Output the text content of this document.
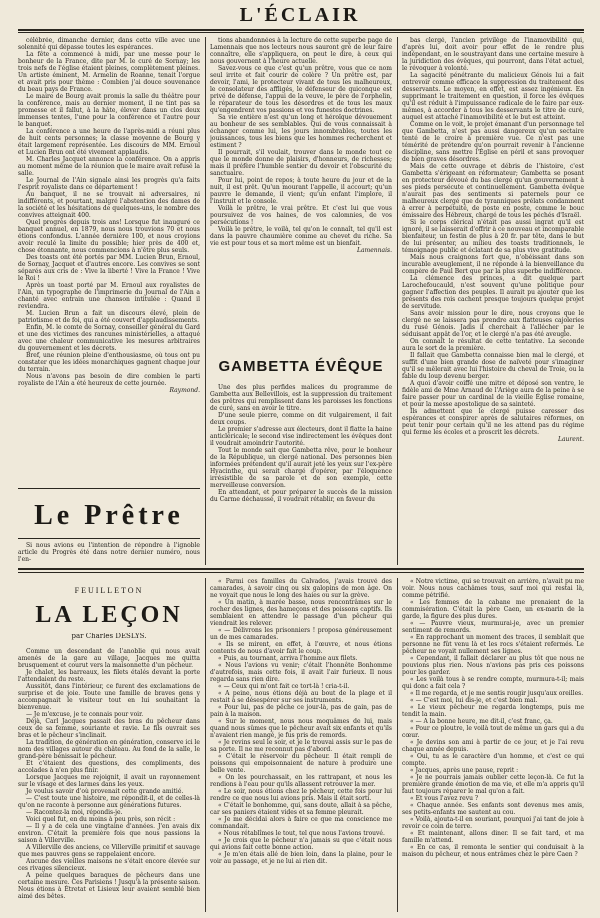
L'ÉCLAIR

célébrée, dimanche dernier, dans cette ville avec une solennité qui dépasse toutes les espérances.

La fête a commencé à midi, par une messe pour le bonheur de la France, dite par M. le curé de Sornay; les trois nefs de l'église étaient pleines, complètement pleines. Un artiste éminent, M. Armelin de Roanne, tenait l'orgue et avait pris pour thème : Combien j'ai douce souvenance du beau pays de France.

Le maire de Bourg avait promis la salle du théâtre pour la conférence, mais au dernier moment, il ne tint pas sa promesse et il fallut, à la hâte, élever dans un clos deux immenses tentes, l'une pour la conférence et l'autre pour le banquet.

La conférence a une heure de l'après-midi a réuni plus de huit cents personnes; la classe moyenne de Bourg y était largement représentée. Les discours de MM. Ernoul et Lucien Brun ont été vivement applaudis.

M. Charles Jacquet annonce la conférence. On a appris au moment même de la réunion que le maire avait refusé la salle.

Le Journal de l'Ain signale ainsi les progrès qu'a faits l'esprit royaliste dans ce département !

Au banquet, il ne se trouvait ni adversaires, ni indifférents, et pourtant, malgré l'abstention des dames de la société et les hésitations de quelques-uns, le nombre des convives atteignait 400.

Quel progrès depuis trois ans! Lorsque fut inauguré ce banquet annuel, en 1879, nous nous trouvions 70 et nous étions confondus. L'année dernière 100, et nous croyions avoir reculé la limite du possible; hier près de 400 et, chose étonnante, nous commencions à n'être plus seuls.

Des toasts ont été portés par MM. Lucien Brun, Ernoul, de Sornay, Jacquet et d'autres encore. Les convives se sont séparés aux cris de : Vive la liberté ! Vive la France ! Vive le Roi !

Après un toast porté par M. Ernoul aux royalistes de l'Ain, un typographe de l'imprimerie du Journal de l'Ain a chanté avec entrain une chanson intitulée : Quand il reviendra.

M. Lucien Brun a fait un discours élevé, plein de patriotisme et de foi, qui a été couvert d'applaudissements.

Enfin, M. le comte de Sornay, conseiller général du Gard et une des victimes des rancunes ministérielles, a attaqué avec une chaleur communicative les mesures arbitraires du gouvernement et les décrets.

Bref, une réunion pleine d'enthousiasme, où tous ont pu constater que les idées monarchiques gagnent chaque jour du terrain.

Nous n'avons pas besoin de dire combien le parti royaliste de l'Ain a été heureux de cette journée.

Raymond.

tions abandonnées à la lecture de cette superbe page de Lamennais que nos lecteurs nous sauront gré de leur faire connaître, elle s'appliquera, on peut le dire, à ceux qui nous gouvernent à l'heure actuelle.

Savez-vous ce que c'est qu'un prêtre, vous que ce nom seul irrite et fait courir de colère ? Un prêtre est, par devoir, l'ami, le protecteur vivant de tous les malheureux, le consolateur des affligés, le défenseur de quiconque est privé de défense, l'appui de la veuve, le père de l'orphelin, le réparateur de tous les désordres et de tous les maux qu'engendrent vos passions et vos funestes doctrines.

Sa vie entière n'est qu'un long et héroïque dévouement au bonheur de ses semblables. Qui de vous connaissait à échanger comme lui, les jours innombrables, toutes les jouissances, tous les biens que les hommes recherchent et estiment ?

Il pourrait, s'il voulait, trouver dans le monde tout ce que le monde donne de plaisirs, d'honneurs, de richesses; mais il préfère l'humble sentier du devoir et l'obscurité du sanctuaire.

Pour lui, point de repos; à toute heure du jour et de la nuit, il est prêt. Qu'un mourant l'appelle, il accourt; qu'un pauvre le demande, il vient; qu'un enfant l'implore, il l'instruit et le console.

Voilà le prêtre, le vrai prêtre. Et c'est lui que vous poursuivez de vos haines, de vos calomnies, de vos persécutions !

Voilà le prêtre, le voilà, tel qu'on le connaît, tel qu'il est dans la pauvre chaumière comme au chevet du riche. Sa vie est pour tous et sa mort même est un bienfait.

Lamennais.
GAMBETTA ÉVÊQUE

Une des plus perfides malices du programme de Gambetta aux Bellevillois, est la suppression du traitement des prêtres qui remplissent dans les paroisses les fonctions de curé, sans en avoir le titre.

D'une seule pierre, comme on dit vulgairement, il fait deux coups.

Le premier s'adresse aux électeurs, dont il flatte la haine anticléricale; le second vise indirectement les évêques dont il voudrait amoindrir l'autorité.

Tout le monde sait que Gambetta rêve, pour le bonheur de la République, un clergé national. Des personnes bien informées prétendent qu'il aurait jeté les yeux sur l'ex-père Hyacinthe, qui serait chargé d'opérer, par l'éloquence irrésistible de sa parole et de son exemple, cette merveilleuse conversion.

En attendant, et pour préparer le succès de la mission du Carme déchaussé, il voudrait rétablir, en faveur du

bas clergé, l'ancien privilège de l'inamovibilité qui, d'après lui, doit avoir pour effet de le rendre plus indépendant, en le soustrayant dans une certaine mesure à la juridiction des évêques, qui pourront, dans l'état actuel, le révoquer à volonté.

La sagacité pénétrante du malicieux Génois lui a fait entrevoir comme efficace la suppression du traitement des desservants. Le moyen, en effet, est assez ingénieux. En supprimant le traitement en question, il force les évêques qu'il est réduit à l'impuissance radicale de le faire par eux-mêmes, à accorder à tous les desservants le titre de curé, auquel est attaché l'inamovibilité et le but est atteint.

Comme on le voit, le projet émanant d'un personnage tel que Gambetta, n'est pas aussi dangereux qu'un sectaire tenté de le croire à première vue. Ce n'est pas une témérité de prétendre qu'on pourrait revenir à l'ancienne discipline, sans mettre l'Église en péril et sans provoquer de bien graves désordres.

Mais de cette ouvrage et débris de l'histoire, c'est Gambetta s'érigeant en réformateur; Gambetta se posant en protecteur dévoué du bas clergé qu'un gouvernement à ses pieds persécute et continuellement. Gambetta évêque n'aurait pas des sentiments si paternels pour ce malheureux clergé que de tyranniques prélats condamnent à errer à perpétuité, de poste en poste, comme le bouc émissaire des Hébreux, chargé de tous les péchés d'Israël.

Si le corps clérical n'était pas aussi ingrat qu'il est ignoré, il se laisserait d'offrir à ce nouveau et incomparable bienfaiteur, un festin de plus à 20 fr. par tête, dans le but de lui présenter, au milieu des toasts traditionnels, le témoignage public et éclatant de sa plus vive gratitude.

Mais nous craignons fort que, n'obéissant dans son incurable aveuglement, il ne réponde à la bienveillance du compère de Paul Bert que par la plus superbe indifférence.

La clémence des princes, a dit quelque part Larochefoucauld, n'est souvent qu'une politique pour gagner l'affection des peuples. Il aurait pu ajouter que les présents des rois cachent presque toujours quelque projet de servitude.

Sans avoir mission pour le dire, nous croyons que le clergé ne se laissera pas prendre aux flatteuses cajoleries du rusé Génois. Jadis il cherchait à l'allécher par le séduisant appât de l'or, et le clergé n'a pas été aveugle.

On connaît le résultat de cette tentative. La seconde aura le sort de la première.

Il fallait que Gambetta connaisse bien mal le clergé, et suffit d'une bien grande dose de naïveté pour s'imaginer qu'il se mêlerait avec lui l'histoire du cheval de Troie, ou la fable du loup devenu berger.

A quoi d'avoir coiffé une mitre et déposé son ventre, le fidèle ami de Mme Arnaud de l'Ariège aura de la peine à se faire passer pour un cardinal de la vieille Église romaine, et pour la messe apostolique de sa sainteté.

Ils admettent que le clergé puisse caresser des espérances et conspirer après de salutaires réformes, on peut tenir pour certain qu'il ne les attend pas du régime qui ferme les écoles et a proscrit les décrets.

Laurent.
Le Prêtre

Si nous avions eu l'intention de répondre à l'ignoble article du Progrès été dans notre dernier numéro, nous l'en-

FEUILLETON
LA LEÇON
par Charles DESLYS.

Comme un descendant de l'anoblie qui nous avait amenés de la gare au village, Jacques me quitta brusquement et courut vers la maisonnette d'un pêcheur.

Je chalet, les barreaux, les filets étalés devant la porte l'attendaient du reste.

Aussitôt, dans l'intérieur, ce furent des exclamations de surprise et de joie. Toute une famille de braves gens y accompagnait le visiteur tout en lui souhaitant la bienvenue.

— Je m'excuse, je te connais pour voir.

Déjà, Carl Jacques passait des bras du pêcheur dans ceux de sa femme, souriante et ravie. Le fils ouvrait ses bras et le pêcheur s'inclinait.

La tradition, de génération en génération, conserve ici le nom des villages autour du château. Au fond de la salle, le grand-père bénissait le pêcheur.

Et c'étaient des questions, des compliments, des accolades à n'en plus finir.

Lorsque Jacques me rejoignit, il avait un rayonnement sur le visage et des larmes dans les yeux.

Je voulus savoir d'où provenait cette grande amitié.

— C'est toute une histoire, me répondit-il, et de celles-là qu'on ne raconte à personne aux générations futures.

— Racontez-la moi, répondis-je.

Voici quel fut, en du moins à peu près, son récit :

— Il y a de cela une vingtaine d'années. J'en avais dix environ. C'était la première fois que nous passions la saison à Villerville.

A Villerville des anciens, ce Villerville primitif et sauvage que mes pauvres gens se rappelaient encore.

Aucune des vieilles maisons ne s'était encore élevée sur ces rivages silencieux.

A peine quelques baraques de pêcheurs dans une certaine mesure. Ces Parisiens ! Jusqu'à la présente saison. Nous étions à Étretat et Lisieux leur avaient semblé bien aimé des bêtes.

« Parmi ces familles du Calvados, j'avais trouvé des camarades, à savoir cinq ou six galopins de mon âge. On ne voyait que nous le long des haies ou sur la grève.

« Un matin, à marée basse, nous rencontrâmes sur le rocher des lignes, des hameçons et des poissons captifs. Ils semblaient en attendre le passage d'un pêcheur qui viendrait les relever.

« — Délivrons les prisonniers ! proposa généreusement un de mes camarades.

« Ils se mirent, en effet, à l'œuvre, et nous étions contents de nous d'avoir fait le coup.

« Puis, au tournant, arriva l'homme aux filets.

« Nous l'avions vu venir; c'était l'honnête Bonhomme d'autrefois, mais cette fois, il avait l'air furieux. Il nous regarda sans rien dire.

« — Ceux qui m'ont fait ce tort-là ! cria-t-il.

« A peine, nous étions déjà au bout de la plage et il restait à se désespérer sur ses instruments.

« Pour lui, pas de pêche ce jour-là, pas de gain, pas de pain à la maison.

« Sur le moment, nous nous moquâmes de lui, mais quand nous sûmes que le pêcheur avait six enfants et qu'ils n'avaient rien mangé, je fus pris de remords.

« Je revins seul le soir, et je le trouvai assis sur le pas de sa porte. Il ne me reconnut pas d'abord.

« C'était le réservoir du pêcheur. Il était rempli de poissons qui empoisonnaient de nature à produire une belle vente.

« On les pourchassait, en les rattrapant, et nous les rendions à l'eau pour qu'ils allassent retrouver la mer.

« Le soir, nous étions chez le pêcheur, cette fois pour lui rendre ce que nous lui avions pris. Mais il était sorti.

« C'était le bonhomme, qui, sans doute, allait à sa pêche, car ses paniers étaient vides et sa femme pleurait.

« Je me décidai alors à faire ce que ma conscience me commandait.

« Nous rétablîmes le tout, tel que nous l'avions trouvé.

« Je crois que le pêcheur n'a jamais su que c'était nous qui avions fait cette bonne action.

« Je m'en étais allé de bien loin, dans la plaine, pour le voir au passage, et je ne lui ai rien dit.

« Notre victime, qui se trouvait en arrière, n'avait pu me voir. Nous nous cachâmes tous, sauf moi qui restai là, comme pétrifié.

« Les femmes de la cabane me prenaient de la commisération. C'était la père Caen, un ex-marin de la garde, la figure des plus dures.

« — Pauvre vieux, murmurai-je, avec un premier sentiment de remords.

« En rapprochant un moment des traces, il semblait que personne ne fût venu là et les rocs s'étaient refermés. Le pêcheur ne voyait nullement ses lignes.

« Cependant, il fallait déclarer au plus tôt que nous ne pouvions plus rien. Nous n'avions pas pris ces poissons pour les garder.

« Les voilà tous à se rendre compte, murmura-t-il; mais qui donc a fait cela ?

« Il me regarda, et je me sentis rougir jusqu'aux oreilles.

« — C'est moi, lui dis-je, et c'est bien mal.

« Le vieux pêcheur me regarda longtemps, puis me tendit la main.

« — A la bonne heure, me dit-il, c'est franc, ça.

« Pour ce ploutre, le voilà tout de même un gars qui a du cœur.

« Je devins son ami à partir de ce jour, et je l'ai revu chaque année depuis.

« Oui, tu as le caractère d'un homme, et c'est ce qui compte.

« Jacques, après une pause, reprit :

« Je ne pourrais jamais oublier cette leçon-là. Ce fut la première grande émotion de ma vie, et elle m'a appris qu'il faut toujours réparer le mal qu'on a fait.

« Et vous l'avez revu ?

« Chaque année. Ses enfants sont devenus mes amis, ses petits-enfants me sautent au cou.

« Voilà, ajouta-t-il en souriant, pourquoi j'ai tant de joie à revoir ce coin de terre.

« Et maintenant, allons diner. Il se fait tard, et ma famille m'attend.

« En ce cas, il remonta le sentier qui conduisait à la maison du pêcheur, et nous entrâmes chez le père Caen ?
